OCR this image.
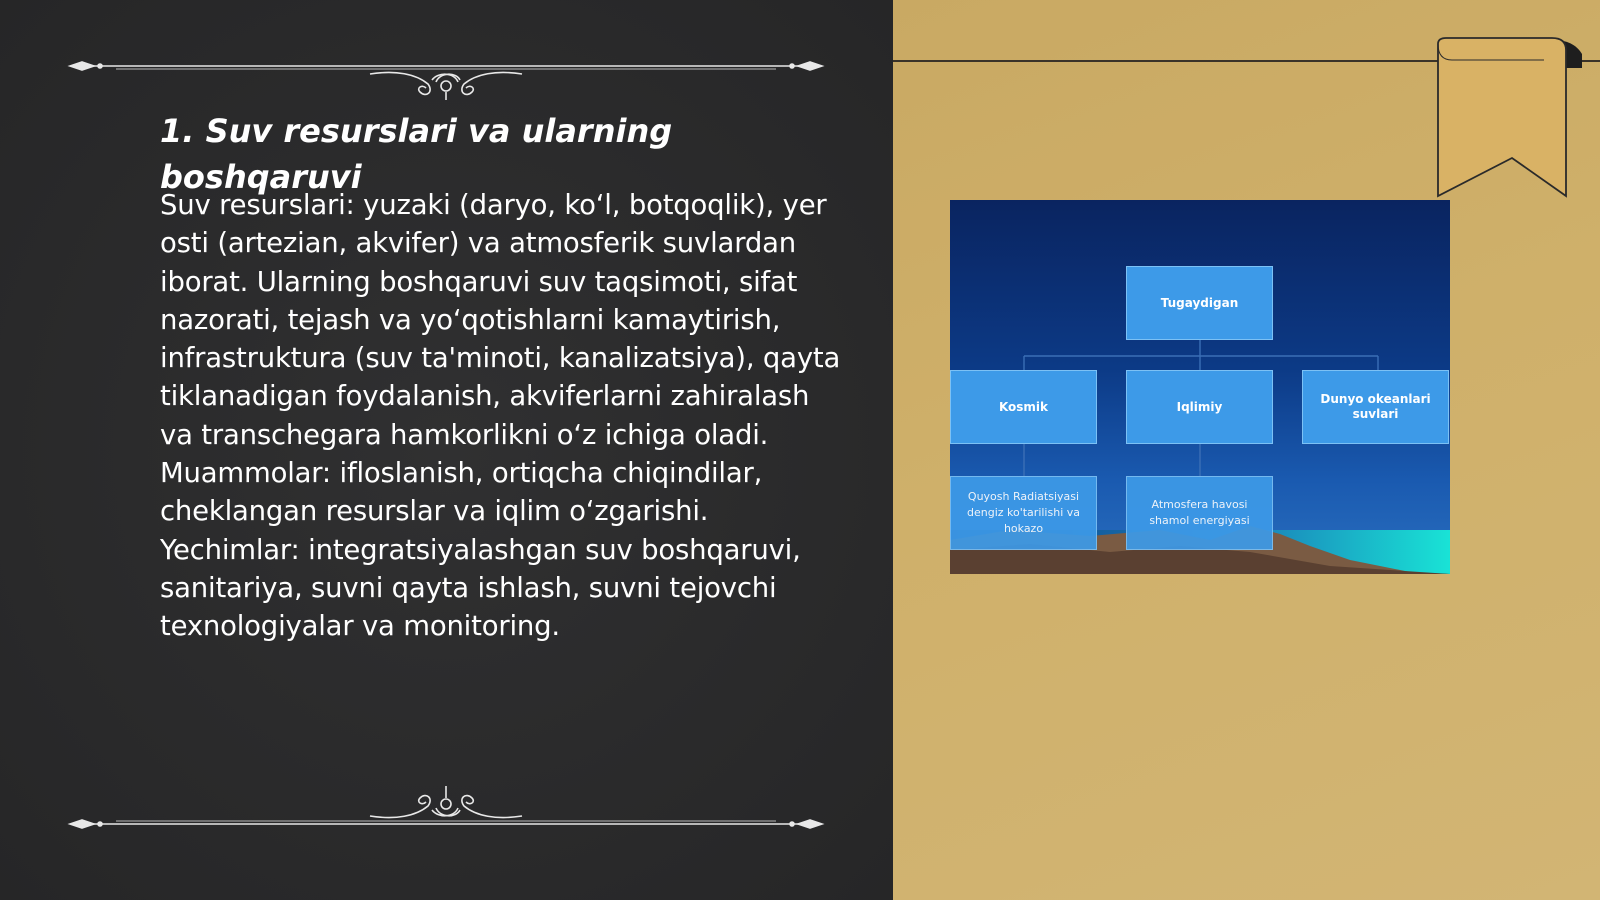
1. Suv resurslari va ularning boshqaruvi

Suv resurslari: yuzaki (daryo, ko‘l, botqoqlik), yer osti (artezian, akvifer) va atmosferik suvlardan iborat. Ularning boshqaruvi suv taqsimoti, sifat nazorati, tejash va yo‘qotishlarni kamaytirish, infrastruktura (suv ta'minoti, kanalizatsiya), qayta tiklanadigan foydalanish, akviferlarni zahiralash va transchegara hamkorlikni o‘z ichiga oladi. Muammolar: ifloslanish, ortiqcha chiqindilar, cheklangan resurslar va iqlim o‘zgarishi. Yechimlar: integratsiyalashgan suv boshqaruvi, sanitariya, suvni qayta ishlash, suvni tejovchi texnologiyalar va monitoring.

Tugaydigan
Kosmik	Iqlimiy
Dunyo okeanlari suvlari
Quyosh Radiatsiyasi dengiz ko'tarilishi va hokazo
Atmosfera havosi shamol energiyasi
